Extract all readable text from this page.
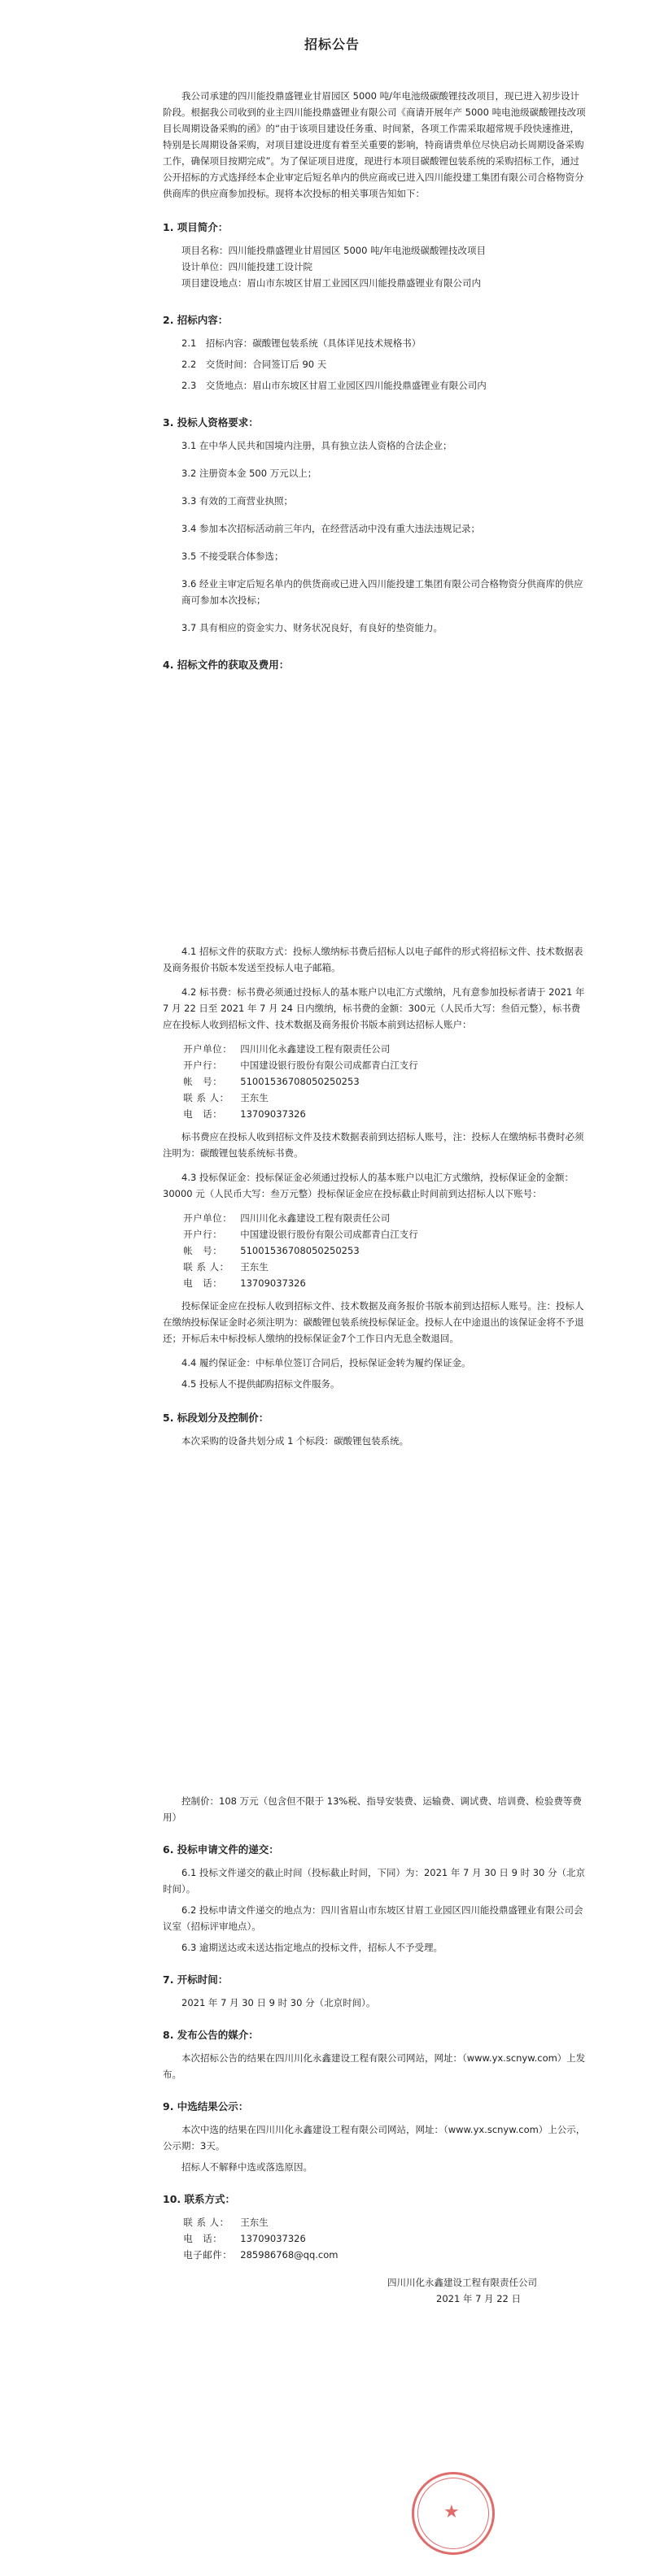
招标公告

我公司承建的四川能投鼎盛锂业甘眉园区 5000 吨/年电池级碳酸锂技改项目，现已进入初步设计阶段。根据我公司收到的业主四川能投鼎盛锂业有限公司《商请开展年产 5000 吨电池级碳酸锂技改项目长周期设备采购的函》的“由于该项目建设任务重、时间紧，各项工作需采取超常规手段快速推进，特别是长周期设备采购，对项目建设进度有着至关重要的影响，特商请贵单位尽快启动长周期设备采购工作，确保项目按期完成”。为了保证项目进度，现进行本项目碳酸锂包装系统的采购招标工作，通过公开招标的方式选择经本企业审定后短名单内的供应商或已进入四川能投建工集团有限公司合格物资分供商库的供应商参加投标。现将本次投标的相关事项告知如下：

1. 项目简介：

项目名称：四川能投鼎盛锂业甘眉园区 5000 吨/年电池级碳酸锂技改项目

设计单位：四川能投建工设计院

项目建设地点：眉山市东坡区甘眉工业园区四川能投鼎盛锂业有限公司内

2. 招标内容：

2.1　招标内容：碳酸锂包装系统（具体详见技术规格书）

2.2　交货时间：合同签订后 90 天

2.3　交货地点：眉山市东坡区甘眉工业园区四川能投鼎盛锂业有限公司内

3. 投标人资格要求：

3.1 在中华人民共和国境内注册，具有独立法人资格的合法企业；

3.2 注册资本金 500 万元以上；

3.3 有效的工商营业执照；

3.4 参加本次招标活动前三年内，在经营活动中没有重大违法违规记录；

3.5 不接受联合体参选；

3.6 经业主审定后短名单内的供货商或已进入四川能投建工集团有限公司合格物资分供商库的供应商可参加本次投标；

3.7 具有相应的资金实力、财务状况良好，有良好的垫资能力。

4. 招标文件的获取及费用：

4.1 招标文件的获取方式：投标人缴纳标书费后招标人以电子邮件的形式将招标文件、技术数据表及商务报价书版本发送至投标人电子邮箱。

4.2 标书费：标书费必须通过投标人的基本账户以电汇方式缴纳，凡有意参加投标者请于 2021 年 7 月 22 日至 2021 年 7 月 24 日内缴纳，标书费的金额：300元（人民币大写：叁佰元整），标书费应在投标人收到招标文件、技术数据及商务报价书版本前到达招标人账户：

开户单位： 四川川化永鑫建设工程有限责任公司

开户行： 中国建设银行股份有限公司成都青白江支行

帐　号： 51001536708050250253

联 系 人： 王东生

电　话： 13709037326

标书费应在投标人收到招标文件及技术数据表前到达招标人账号，注：投标人在缴纳标书费时必须注明为：碳酸锂包装系统标书费。

4.3 投标保证金：投标保证金必须通过投标人的基本账户以电汇方式缴纳，投标保证金的金额：30000 元（人民币大写：叁万元整）投标保证金应在投标截止时间前到达招标人以下账号：

开户单位： 四川川化永鑫建设工程有限责任公司

开户行： 中国建设银行股份有限公司成都青白江支行

帐　号： 51001536708050250253

联 系 人： 王东生

电　话： 13709037326

投标保证金应在投标人收到招标文件、技术数据及商务报价书版本前到达招标人账号。注：投标人在缴纳投标保证金时必须注明为：碳酸锂包装系统投标保证金。投标人在中途退出的该保证金将不予退还；开标后未中标投标人缴纳的投标保证金7个工作日内无息全数退回。

4.4 履约保证金：中标单位签订合同后，投标保证金转为履约保证金。

4.5 投标人不提供邮购招标文件服务。

5. 标段划分及控制价：

本次采购的设备共划分成 1 个标段：碳酸锂包装系统。

控制价：108 万元（包含但不限于 13%税、指导安装费、运输费、调试费、培训费、检验费等费用）

6. 投标申请文件的递交：

6.1 投标文件递交的截止时间（投标截止时间，下同）为：2021 年 7 月 30 日 9 时 30 分（北京时间）。

6.2 投标申请文件递交的地点为：四川省眉山市东坡区甘眉工业园区四川能投鼎盛锂业有限公司会议室（招标评审地点）。

6.3 逾期送达或未送达指定地点的投标文件，招标人不予受理。

7. 开标时间：

2021 年 7 月 30 日 9 时 30 分（北京时间）。

8. 发布公告的媒介：

本次招标公告的结果在四川川化永鑫建设工程有限公司网站，网址：（www.yx.scnyw.com）上发布。

9. 中选结果公示：

本次中选的结果在四川川化永鑫建设工程有限公司网站，网址：（www.yx.scnyw.com）上公示，公示期：3天。

招标人不解释中选或落选原因。

10. 联系方式：

联 系 人： 王东生

电　话： 13709037326

电子邮件： 285986768@qq.com

四川川化永鑫建设工程有限责任公司

2021 年 7 月 22 日

★
